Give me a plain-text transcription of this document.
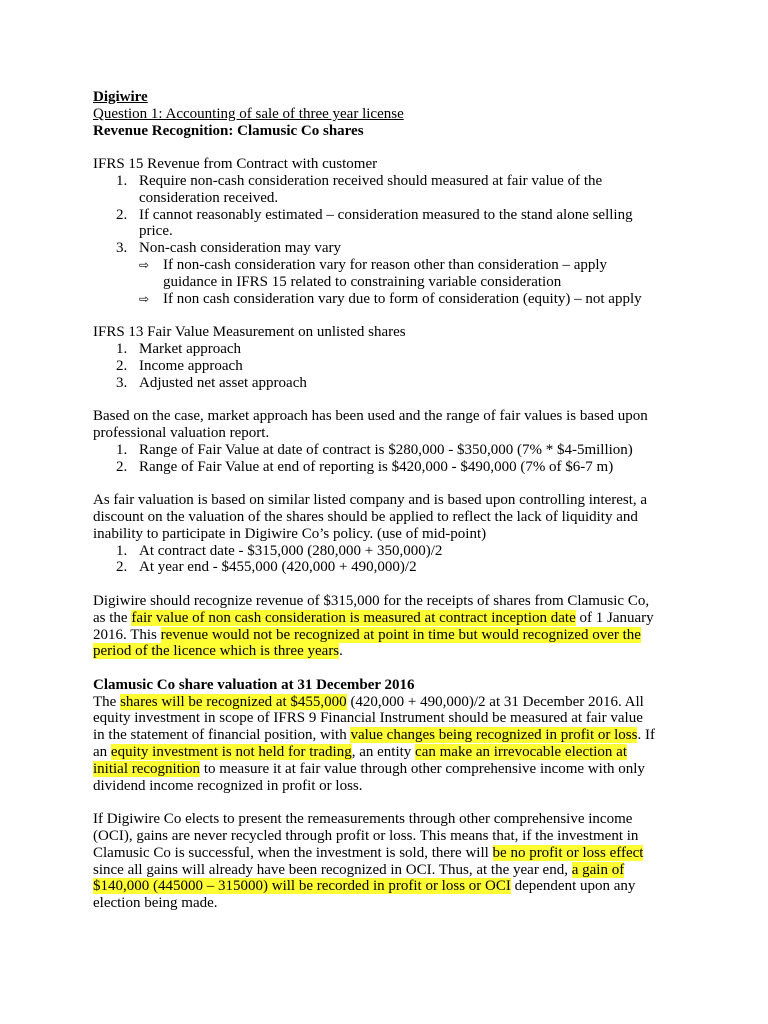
Digiwire
Question 1: Accounting of sale of three year license
Revenue Recognition: Clamusic Co shares
IFRS 15 Revenue from Contract with customer
1. Require non-cash consideration received should measured at fair value of the
consideration received.
2. If cannot reasonably estimated – consideration measured to the stand alone selling
price.
3. Non-cash consideration may vary
⇨ If non-cash consideration vary for reason other than consideration – apply
guidance in IFRS 15 related to constraining variable consideration
⇨ If non cash consideration vary due to form of consideration (equity) – not apply
IFRS 13 Fair Value Measurement on unlisted shares
1. Market approach
2. Income approach
3. Adjusted net asset approach
Based on the case, market approach has been used and the range of fair values is based upon
professional valuation report.
1. Range of Fair Value at date of contract is $280,000 - $350,000 (7% * $4-5million)
2. Range of Fair Value at end of reporting is $420,000 - $490,000 (7% of $6-7 m)
As fair valuation is based on similar listed company and is based upon controlling interest, a
discount on the valuation of the shares should be applied to reflect the lack of liquidity and
inability to participate in Digiwire Co’s policy. (use of mid-point)
1. At contract date - $315,000 (280,000 + 350,000)/2
2. At year end - $455,000 (420,000 + 490,000)/2
Digiwire should recognize revenue of $315,000 for the receipts of shares from Clamusic Co,
as the fair value of non cash consideration is measured at contract inception date of 1 January
2016. This revenue would not be recognized at point in time but would recognized over the
period of the licence which is three years.
Clamusic Co share valuation at 31 December 2016
The shares will be recognized at $455,000 (420,000 + 490,000)/2 at 31 December 2016. All
equity investment in scope of IFRS 9 Financial Instrument should be measured at fair value
in the statement of financial position, with value changes being recognized in profit or loss. If
an equity investment is not held for trading, an entity can make an irrevocable election at
initial recognition to measure it at fair value through other comprehensive income with only
dividend income recognized in profit or loss.
If Digiwire Co elects to present the remeasurements through other comprehensive income
(OCI), gains are never recycled through profit or loss. This means that, if the investment in
Clamusic Co is successful, when the investment is sold, there will be no profit or loss effect
since all gains will already have been recognized in OCI. Thus, at the year end, a gain of
$140,000 (445000 – 315000) will be recorded in profit or loss or OCI dependent upon any
election being made.
